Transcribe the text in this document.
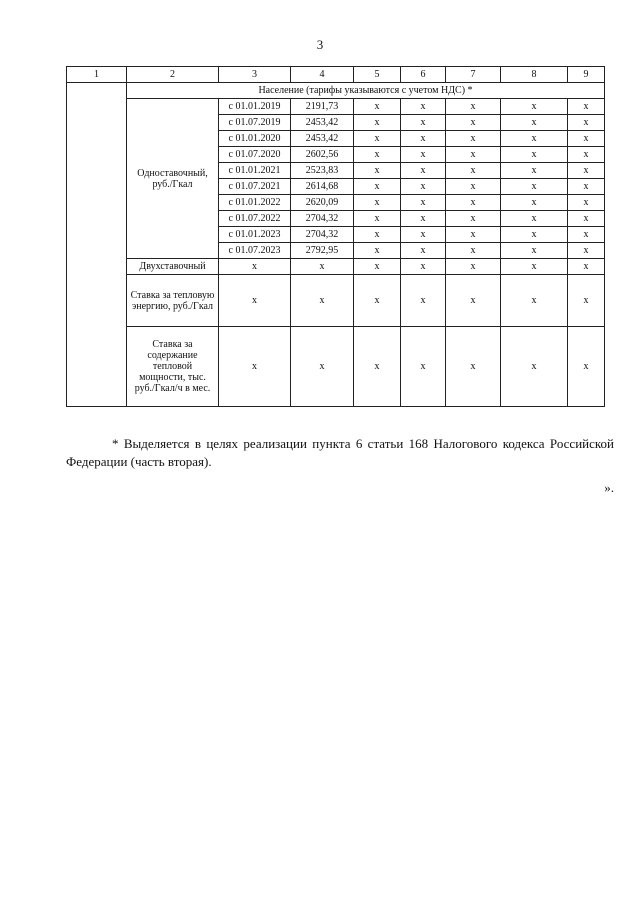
3
1	2	3	4	5	6	7	8	9
	Население (тарифы указываются с учетом НДС) *							
	Одноставочный, руб./Гкал	с 01.01.2019	2191,73	x	x	x	x	x
		с 01.07.2019	2453,42	x	x	x	x	x
		с 01.01.2020	2453,42	x	x	x	x	x
		с 01.07.2020	2602,56	x	x	x	x	x
		с 01.01.2021	2523,83	x	x	x	x	x
		с 01.07.2021	2614,68	x	x	x	x	x
		с 01.01.2022	2620,09	x	x	x	x	x
		с 01.07.2022	2704,32	x	x	x	x	x
		с 01.01.2023	2704,32	x	x	x	x	x
		с 01.07.2023	2792,95	x	x	x	x	x
	Двухставочный	x	x	x	x	x	x	x
	Ставка за тепловую энергию, руб./Гкал	x	x	x	x	x	x	x
	Ставка за содержание тепловой мощности, тыс. руб./Гкал/ч в мес.	x	x	x	x	x	x	x
* Выделяется в целях реализации пункта 6 статьи 168 Налогового кодекса Российской Федерации (часть вторая).
».
